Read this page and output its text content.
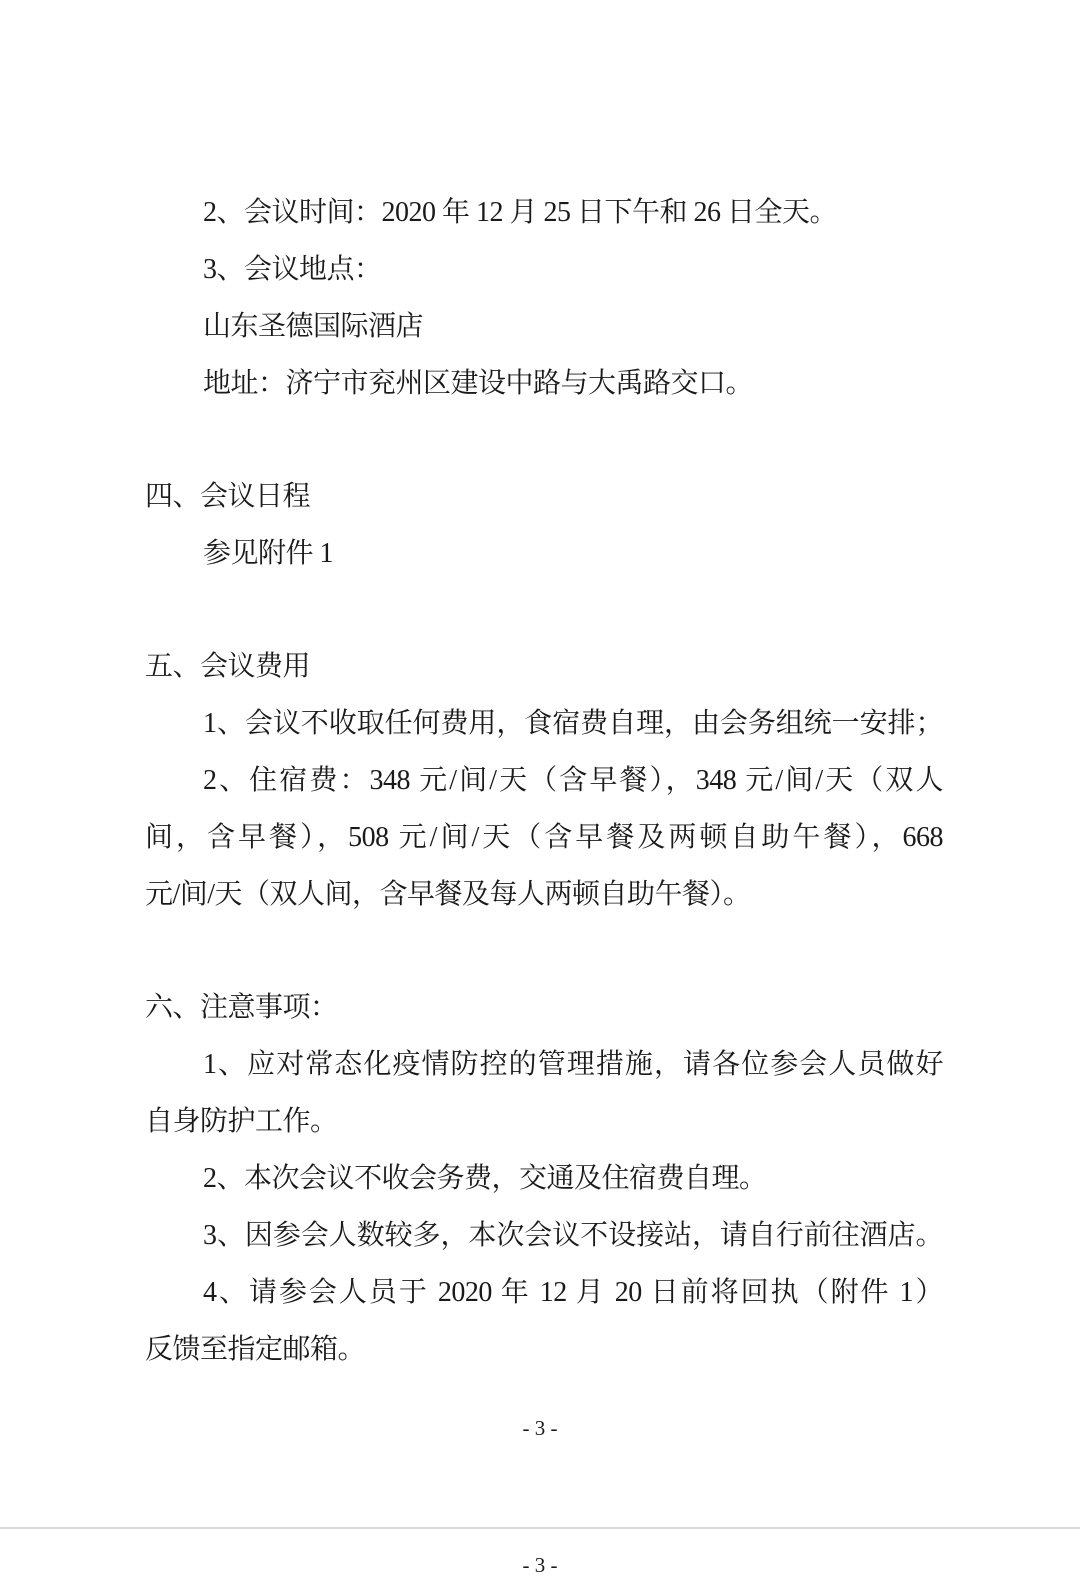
2、会议时间：2020 年 12 月 25 日下午和 26 日全天。
3、会议地点：
山东圣德国际酒店
地址：济宁市兖州区建设中路与大禹路交口。
四、会议日程
参见附件 1
五、会议费用
1、会议不收取任何费用，食宿费自理，由会务组统一安排；
2、住宿费：348 元/间/天（含早餐），348 元/间/天（双人
间，含早餐），508 元/间/天（含早餐及两顿自助午餐），668
元/间/天（双人间，含早餐及每人两顿自助午餐）。
六、注意事项：
1、应对常态化疫情防控的管理措施，请各位参会人员做好
自身防护工作。
2、本次会议不收会务费，交通及住宿费自理。
3、因参会人数较多，本次会议不设接站，请自行前往酒店。
4、请参会人员于 2020 年 12 月 20 日前将回执（附件 1）
反馈至指定邮箱。
- 3 -
- 3 -
